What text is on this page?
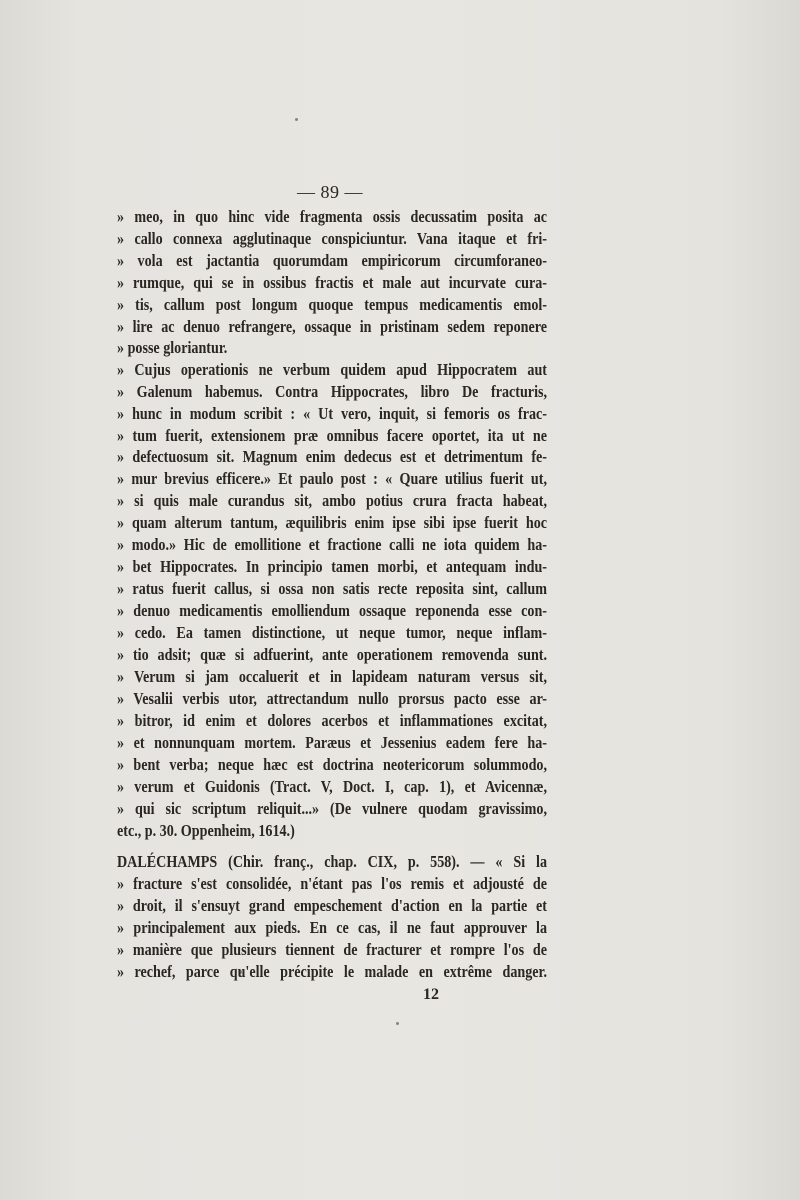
— 89 —
» meo, in quo hinc vide fragmenta ossis decussatim posita ac
» callo connexa agglutinaque conspiciuntur. Vana itaque et fri-
» vola est jactantia quorumdam empiricorum circumforaneo-
» rumque, qui se in ossibus fractis et male aut incurvate cura-
» tis, callum post longum quoque tempus medicamentis emol-
» lire ac denuo refrangere, ossaque in pristinam sedem reponere
» posse gloriantur.
» Cujus operationis ne verbum quidem apud Hippocratem aut
» Galenum habemus. Contra Hippocrates, libro De fracturis,
» hunc in modum scribit : « Ut vero, inquit, si femoris os frac-
» tum fuerit, extensionem præ omnibus facere oportet, ita ut ne
» defectuosum sit. Magnum enim dedecus est et detrimentum fe-
» mur brevius efficere.» Et paulo post : « Quare utilius fuerit ut,
» si quis male curandus sit, ambo potius crura fracta habeat,
» quam alterum tantum, æquilibris enim ipse sibi ipse fuerit hoc
» modo.» Hic de emollitione et fractione calli ne iota quidem ha-
» bet Hippocrates. In principio tamen morbi, et antequam indu-
» ratus fuerit callus, si ossa non satis recte reposita sint, callum
» denuo medicamentis emolliendum ossaque reponenda esse con-
» cedo. Ea tamen distinctione, ut neque tumor, neque inflam-
» tio adsit; quæ si adfuerint, ante operationem removenda sunt.
» Verum si jam occaluerit et in lapideam naturam versus sit,
» Vesalii verbis utor, attrectandum nullo prorsus pacto esse ar-
» bitror, id enim et dolores acerbos et inflammationes excitat,
» et nonnunquam mortem. Paræus et Jessenius eadem fere ha-
» bent verba; neque hæc est doctrina neotericorum solummodo,
» verum et Guidonis (Tract. V, Doct. I, cap. 1), et Avicennæ,
» qui sic scriptum reliquit...» (De vulnere quodam gravissimo,
etc., p. 30. Oppenheim, 1614.)
DALÉCHAMPS (Chir. franç., chap. CIX, p. 558). — « Si la
» fracture s'est consolidée, n'étant pas l'os remis et adjousté de
» droit, il s'ensuyt grand empeschement d'action en la partie et
» principalement aux pieds. En ce cas, il ne faut approuver la
» manière que plusieurs tiennent de fracturer et rompre l'os de
» rechef, parce qu'elle précipite le malade en extrême danger.
12
